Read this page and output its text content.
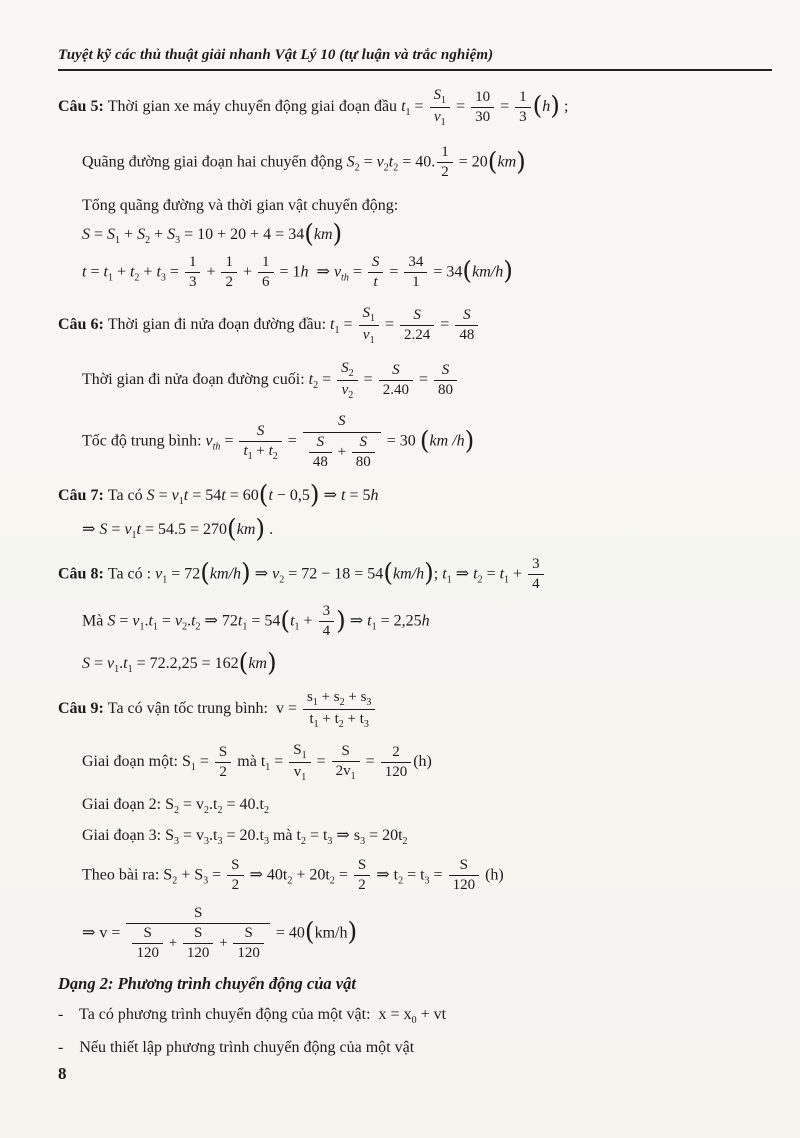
Tuyệt kỹ các thủ thuật giải nhanh Vật Lý 10 (tự luận và trắc nghiệm)
Câu 5: Thời gian xe máy chuyển động giai đoạn đầu $t_1 = \frac{S_1}{v_1} = \frac{10}{30} = \frac{1}{3} (h)$ ;
Quãng đường giai đoạn hai chuyển động $S_2 = v_2t_2 = 40$. $\frac{1}{2} = 20(km)$
Tổng quãng đường và thời gian vật chuyển động:
$S = S_1 + S_2 + S_3 = 10 + 20 + 4 = 34(km)$
$t = t_1 + t_2 + t_3 = \frac{1}{3} + \frac{1}{2} + \frac{1}{6} = 1h$  ⇒ $v_{th} = \frac{S}{t} = \frac{34}{1} = 34(km/h)$
Câu 6: Thời gian đi nửa đoạn đường đầu: $t_1 = \frac{S_1}{v_1} = \frac{S}{2.24} = \frac{S}{48}$
Thời gian đi nửa đoạn đường cuối: $t_2 = \frac{S_2}{v_2} = \frac{S}{2.40} = \frac{S}{80}$
Tốc độ trung bình: $v_{th} = \frac{S}{t_1 + t_2} = \frac{S}{\frac{S}{48} + \frac{S}{80}} = 30$ (km /h)
Câu 7: Ta có $S = v_1t = 54t = 60(t - 0,5)$ ⇒ t = 5h
⇒ $S = v_1t = 54.5 = 270(km)$ .
Câu 8: Ta có : $v_1 = 72(km/h)$ ⇒ $v_2 = 72 - 18 = 54(km/h)$; $t_1$ ⇒ $t_2 = t_1 + \frac{3}{4}$
Mà $S = v_1.t_1 = v_2.t_2$ ⇒ $72t_1 = 54(t_1 + \frac{3}{4}$ ) ⇒ $t_1 = 2,25h$
$S = v_1.t_1 = 72.2,25 = 162(km)$
Câu 9: Ta có vận tốc trung bình:  $v = \frac{s_1 + s_2 + s_3}{t_1 + t_2 + t_3}$
Giai đoạn một: $S_1 = \frac{S}{2}$ mà $t_1 = \frac{S_1}{v_1} = \frac{S}{2v_1} = \frac{2}{120} (h)$
Giai đoạn 2: $S_2 = v_2.t_2 = 40.t_2$
Giai đoạn 3: $S_3 = v_3.t_3 = 20.t_3$ mà $t_2 = t_3$ ⇒ $s_3 = 20t_2$
Theo bài ra: $S_2 + S_3 = \frac{S}{2}$ ⇒ $40t_2 + 20t_2 = \frac{S}{2}$ ⇒ $t_2 = t_3 = \frac{S}{120} (h)$
⇒ $v = \frac{S}{\frac{S}{120} + \frac{S}{120} + \frac{S}{120}} = 40(km/h)$
Dạng 2: Phương trình chuyển động của vật
-    Ta có phương trình chuyển động của một vật:  $x = x_0$ + vt
-    Nếu thiết lập phương trình chuyển động của một vật
8
